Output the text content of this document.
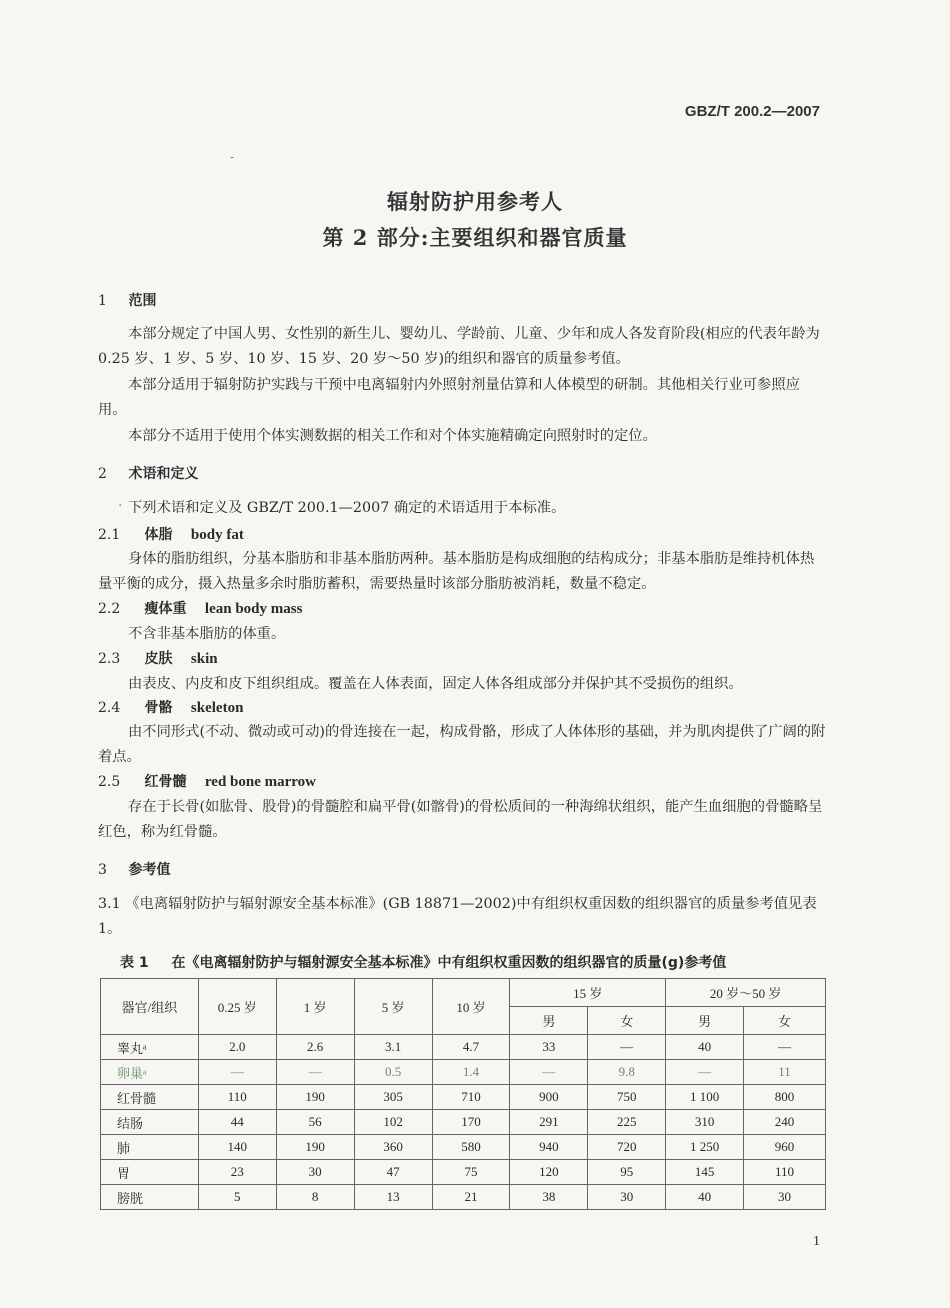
GBZ/T 200.2—2007
-
辐射防护用参考人
第 2 部分:主要组织和器官质量
1 范围

本部分规定了中国人男、女性别的新生儿、婴幼儿、学龄前、儿童、少年和成人各发育阶段(相应的代表年龄为 0.25 岁、1 岁、5 岁、10 岁、15 岁、20 岁～50 岁)的组织和器官的质量参考值。

本部分适用于辐射防护实践与干预中电离辐射内外照射剂量估算和人体模型的研制。其他相关行业可参照应用。

本部分不适用于使用个体实测数据的相关工作和对个体实施精确定向照射时的定位。

2 术语和定义
· 下列术语和定义及 GBZ/T 200.1—2007 确定的术语适用于本标准。

2.1 体脂 body fat

身体的脂肪组织，分基本脂肪和非基本脂肪两种。基本脂肪是构成细胞的结构成分；非基本脂肪是维持机体热量平衡的成分，摄入热量多余时脂肪蓄积，需要热量时该部分脂肪被消耗，数量不稳定。

2.2 瘦体重 lean body mass

不含非基本脂肪的体重。

2.3 皮肤 skin

由表皮、内皮和皮下组织组成。覆盖在人体表面，固定人体各组成部分并保护其不受损伤的组织。

2.4 骨骼 skeleton

由不同形式(不动、微动或可动)的骨连接在一起，构成骨骼，形成了人体体形的基础，并为肌肉提供了广阔的附着点。

2.5 红骨髓 red bone marrow

存在于长骨(如肱骨、股骨)的骨髓腔和扁平骨(如髂骨)的骨松质间的一种海绵状组织，能产生血细胞的骨髓略呈红色，称为红骨髓。

3 参考值

3.1 《电离辐射防护与辐射源安全基本标准》(GB 18871—2002)中有组织权重因数的组织器官的质量参考值见表 1。

表 1 在《电离辐射防护与辐射源安全基本标准》中有组织权重因数的组织器官的质量(g)参考值
器官/组织	0.25 岁	1 岁	5 岁	10 岁	15 岁		20 岁～50 岁	
					男	女	男	女
睾丸ᵃ	2.0	2.6	3.1	4.7	33	—	40	—
卵巢ᵃ	—	—	0.5	1.4	—	9.8	—	11
红骨髓	110	190	305	710	900	750	1 100	800
结肠	44	56	102	170	291	225	310	240
肺	140	190	360	580	940	720	1 250	960
胃	23	30	47	75	120	95	145	110
膀胱	5	8	13	21	38	30	40	30
1
